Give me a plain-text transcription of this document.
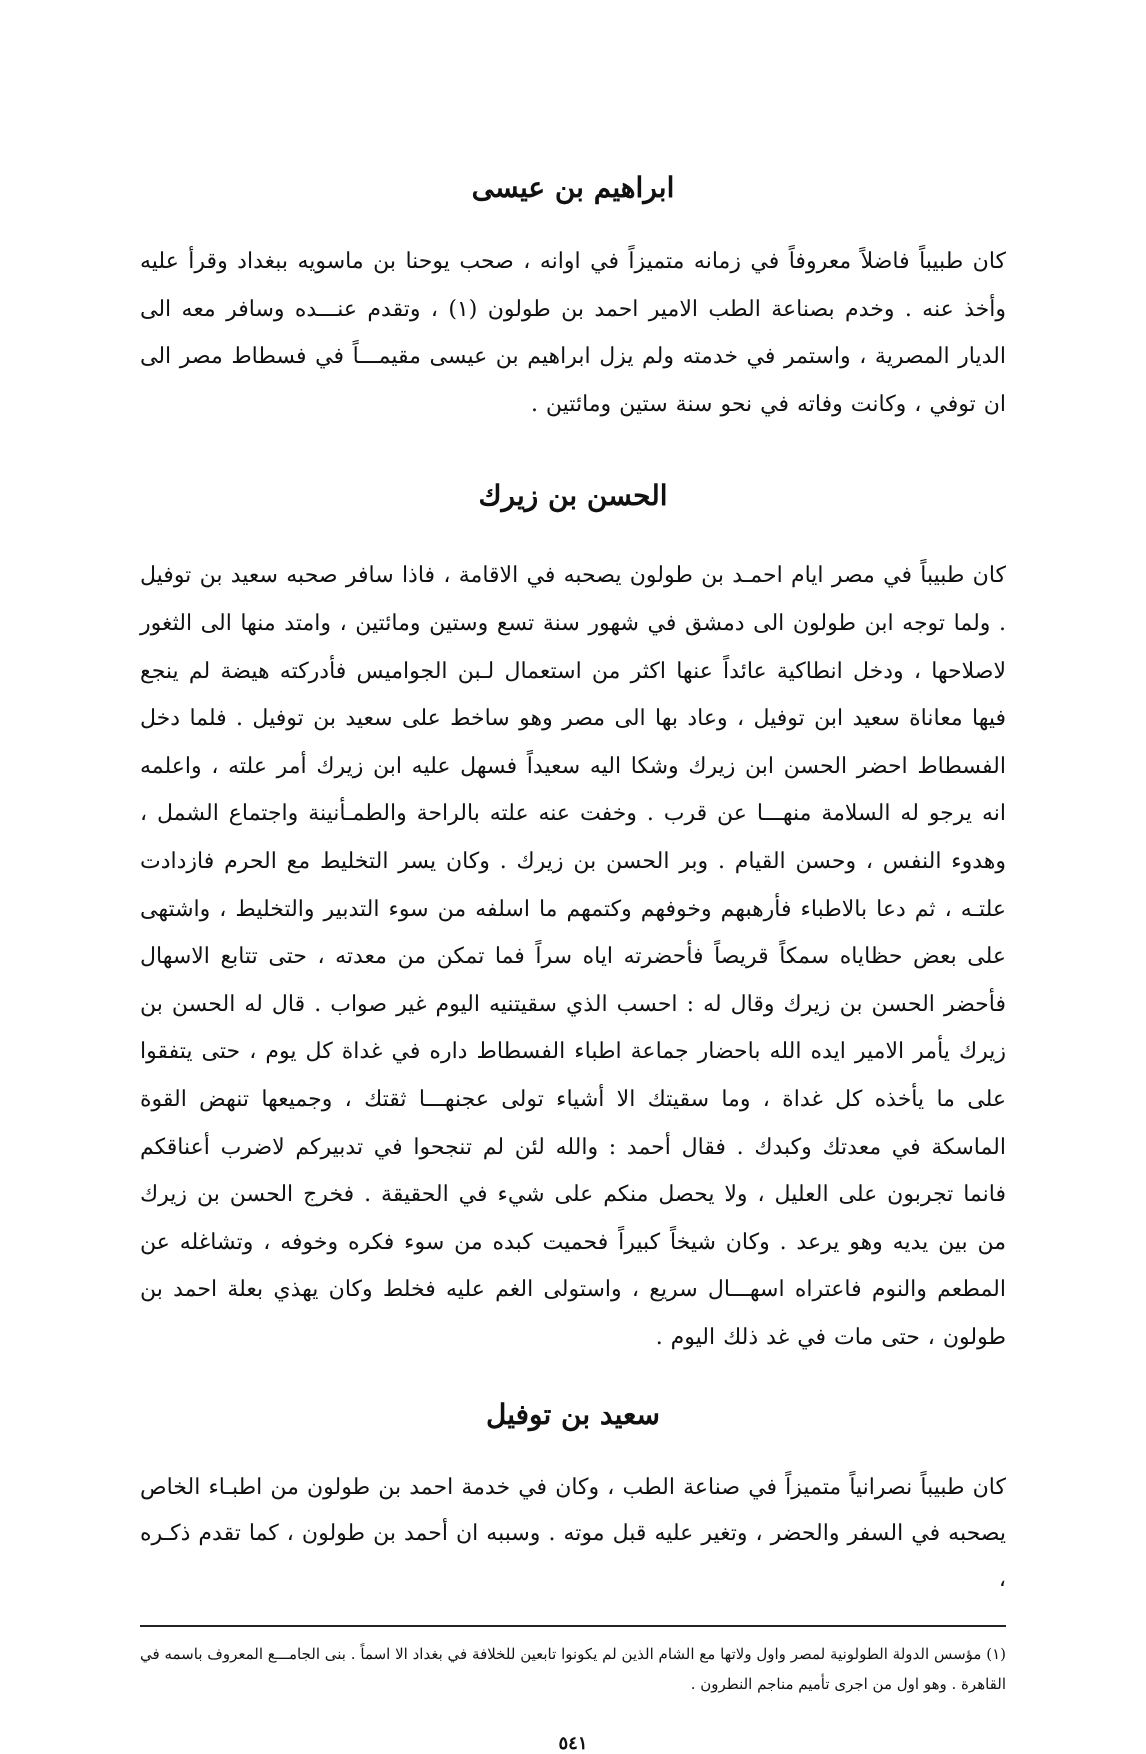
ابراهيم بن عيسى

كان طبيباً فاضلاً معروفاً في زمانه متميزاً في اوانه ، صحب يوحنا بن ماسويه ببغداد وقرأ عليه وأخذ عنه . وخدم بصناعة الطب الامير احمد بن طولون (١) ، وتقدم عنـــده وسافر معه الى الديار المصرية ، واستمر في خدمته ولم يزل ابراهيم بن عيسى مقيمـــاً في فسطاط مصر الى ان توفي ، وكانت وفاته في نحو سنة ستين ومائتين .

الحسن بن زيرك

كان طبيباً في مصر ايام احمـد بن طولون يصحبه في الاقامة ، فاذا سافر صحبه سعيد بن توفيل . ولما توجه ابن طولون الى دمشق في شهور سنة تسع وستين ومائتين ، وامتد منها الى الثغور لاصلاحها ، ودخل انطاكية عائداً عنها اكثر من استعمال لـبن الجواميس فأدركته هيضة لم ينجع فيها معاناة سعيد ابن توفيل ، وعاد بها الى مصر وهو ساخط على سعيد بن توفيل . فلما دخل الفسطاط احضر الحسن ابن زيرك وشكا اليه سعيداً فسهل عليه ابن زيرك أمر علته ، واعلمه انه يرجو له السلامة منهـــا عن قرب . وخفت عنه علته بالراحة والطمـأنينة واجتماع الشمل ، وهدوء النفس ، وحسن القيام . وبر الحسن بن زيرك . وكان يسر التخليط مع الحرم فازدادت علتـه ، ثم دعا بالاطباء فأرهبهم وخوفهم وكتمهم ما اسلفه من سوء التدبير والتخليط ، واشتهى على بعض حظاياه سمكاً قريصاً فأحضرته اياه سراً فما تمكن من معدته ، حتى تتابع الاسهال فأحضر الحسن بن زيرك وقال له : احسب الذي سقيتنيه اليوم غير صواب . قال له الحسن بن زيرك يأمر الامير ايده الله باحضار جماعة اطباء الفسطاط داره في غداة كل يوم ، حتى يتفقوا على ما يأخذه كل غداة ، وما سقيتك الا أشياء تولى عجنهـــا ثقتك ، وجميعها تنهض القوة الماسكة في معدتك وكبدك . فقال أحمد : والله لئن لم تنجحوا في تدبيركم لاضرب أعناقكم فانما تجربون على العليل ، ولا يحصل منكم على شيء في الحقيقة . فخرج الحسن بن زيرك من بين يديه وهو يرعد . وكان شيخاً كبيراً فحميت كبده من سوء فكره وخوفه ، وتشاغله عن المطعم والنوم فاعتراه اسهـــال سريع ، واستولى الغم عليه فخلط وكان يهذي بعلة احمد بن طولون ، حتى مات في غد ذلك اليوم .

سعيد بن توفيل

كان طبيباً نصرانياً متميزاً في صناعة الطب ، وكان في خدمة احمد بن طولون من اطبـاء الخاص يصحبه في السفر والحضر ، وتغير عليه قبل موته . وسببه ان أحمد بن طولون ، كما تقدم ذكـره ،

(١) مؤسس الدولة الطولونية لمصر واول ولاتها مع الشام الذين لم يكونوا تابعين للخلافة في بغداد الا اسماً . بنى الجامـــع المعروف باسمه في القاهرة . وهو اول من اجرى تأميم مناجم النطرون .

٥٤١
